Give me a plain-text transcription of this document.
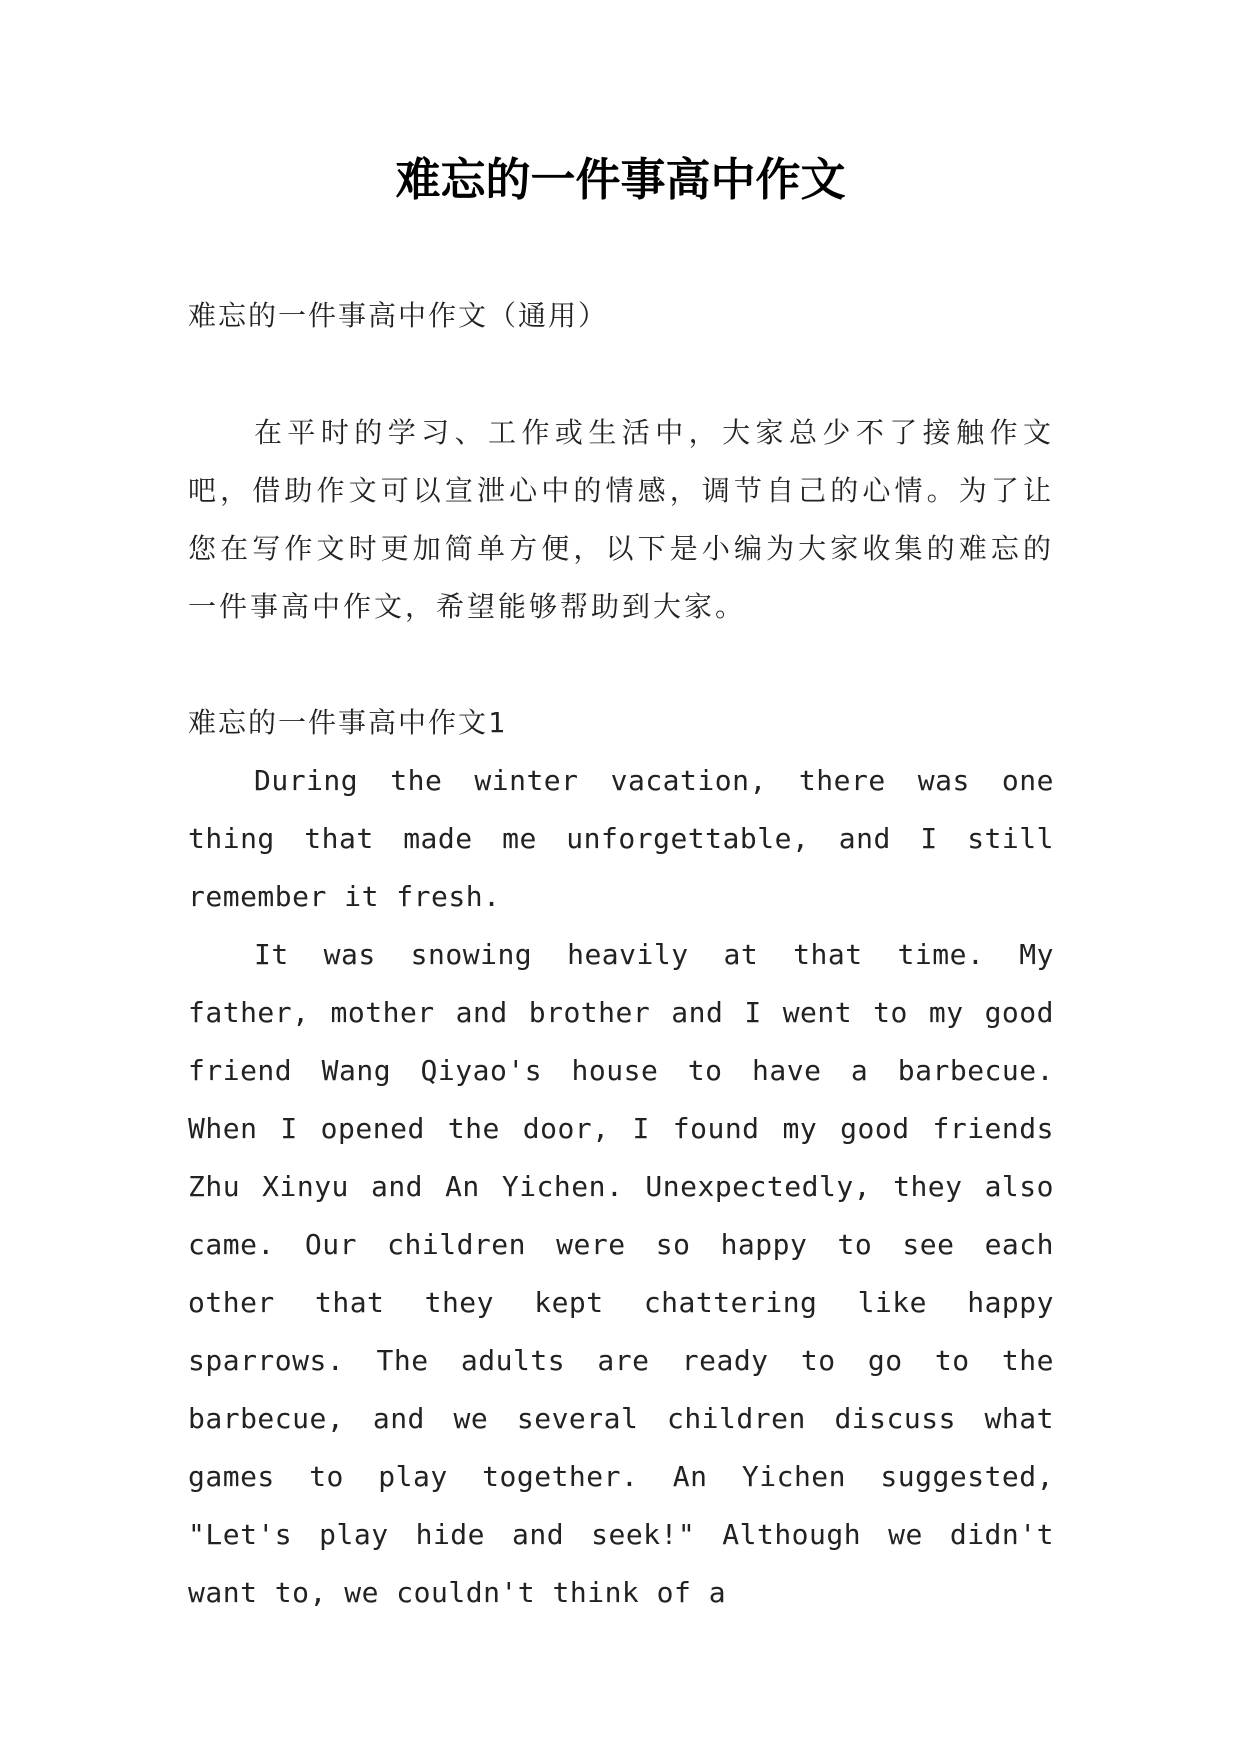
难忘的一件事高中作文

难忘的一件事高中作文（通用）

在平时的学习、工作或生活中，大家总少不了接触作文吧，借助作文可以宣泄心中的情感，调节自己的心情。为了让您在写作文时更加简单方便，以下是小编为大家收集的难忘的一件事高中作文，希望能够帮助到大家。

难忘的一件事高中作文1

During the winter vacation, there was one thing that made me unforgettable, and I still remember it fresh.

It was snowing heavily at that time. My father, mother and brother and I went to my good friend Wang Qiyao's house to have a barbecue. When I opened the door, I found my good friends Zhu Xinyu and An Yichen. Unexpectedly, they also came. Our children were so happy to see each other that they kept chattering like happy sparrows. The adults are ready to go to the barbecue, and we several children discuss what games to play together. An Yichen suggested, "Let's play hide and seek!" Although we didn't want to, we couldn't think of a
